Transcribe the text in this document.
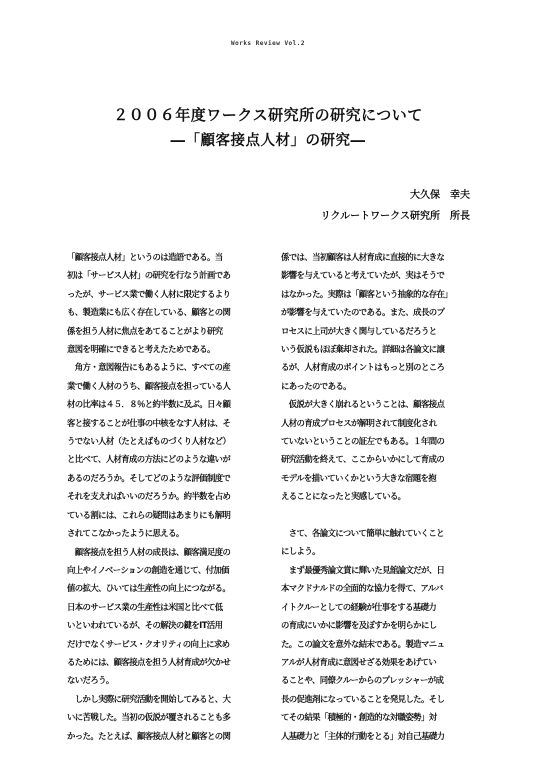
Works Review Vol.2
２００６年度ワークス研究所の研究について
―「顧客接点人材」の研究―
大久保　幸夫
リクルートワークス研究所　所長

「顧客接点人材」というのは造語である。当

初は「サービス人材」の研究を行なう計画であ

ったが、サービス業で働く人材に限定するより

も、製造業にも広く存在している、顧客との関

係を担う人材に焦点をあてることがより研究

意図を明確にできると考えたためである。

　角方・意図報告にもあるように、すべての産

業で働く人材のうち、顧客接点を担っている人

材の比率は４５．８％と約半数に及ぶ。日々顧

客と接することが仕事の中核をなす人材は、そ

うでない人材（たとえばものづくり人材など）

と比べて、人材育成の方法にどのような違いが

あるのだろうか。そしてどのような評価制度で

それを支えればいいのだろうか。約半数を占め

ている割には、これらの疑問はあまりにも解明

されてこなかったように思える。

　顧客接点を担う人材の成長は、顧客満足度の

向上やイノベーションの創造を通じて、付加価

値の拡大、ひいては生産性の向上につながる。

日本のサービス業の生産性は米国と比べて低

いといわれているが、その解決の鍵をIT活用

だけでなくサービス・クオリティの向上に求め

るためには、顧客接点を担う人材育成が欠かせ

ないだろう。

　しかし実際に研究活動を開始してみると、大

いに苦戦した。当初の仮説が覆されることも多

かった。たとえば、顧客接点人材と顧客との関

係では、当初顧客は人材育成に直接的に大きな

影響を与えていると考えていたが、実はそうで

はなかった。実際は「顧客という抽象的な存在」

が影響を与えていたのである。また、成長のプ

ロセスに上司が大きく関与しているだろうと

いう仮説もほぼ棄却された。詳細は各論文に譲

るが、人材育成のポイントはもっと別のところ

にあったのである。

　仮説が大きく崩れるということは、顧客接点

人材の育成プロセスが解明されて制度化され

ていないということの証左でもある。１年間の

研究活動を終えて、ここからいかにして育成の

モデルを描いていくかという大きな宿題を抱

えることになったと実感している。

　さて、各論文について簡単に触れていくこと

にしよう。

　まず最優秀論文賞に輝いた見舘論文だが、日

本マクドナルドの全面的な協力を得て、アルバ

イトクルーとしての経験が仕事をする基礎力

の育成にいかに影響を及ぼすかを明らかにし

た。この論文を意外な結末である。製造マニュ

アルが人材育成に意図せざる効果をあげてい

ることや、同僚クルーからのプレッシャーが成

長の促進剤になっていることを発見した。そし

てその結果「積極的・創造的な対職姿勢」対

人基礎力と「主体的行動をとる」対自己基礎力
